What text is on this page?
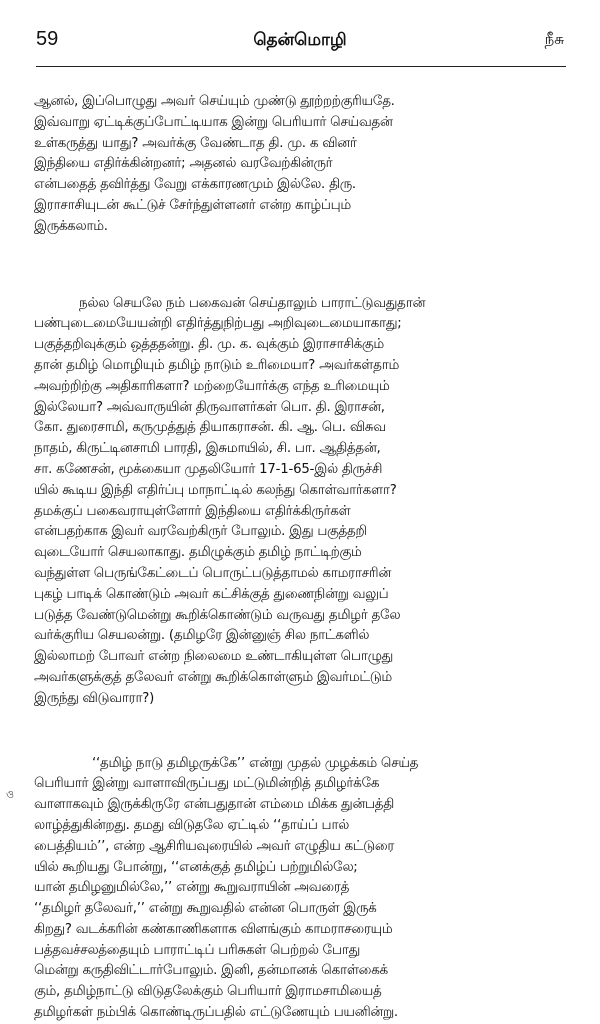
59	தென்மொழி	நீசு
ও
ஆனல், இப்பொழுது அவர் செய்யும் முண்டு தூற்றற்குரியதே.
இவ்வாறு ஏட்டிக்குப்போட்டியாக இன்று பெரியார் செய்வதன்
உள்கருத்து யாது? அவர்க்கு வேண்டாத தி. மு. க வினர்
இந்தியை எதிர்க்கின்றனர்; அதனல் வரவேற்கின்ருர்
என்பதைத் தவிர்த்து வேறு எக்காரணமும் இல்லே. திரு.
இராசாசியுடன் கூட்டுச் சேர்ந்துள்ளனர் என்ற காழ்ப்பும்
இருக்கலாம்.
நல்ல செயலே நம் பகைவன் செய்தாலும் பாராட்டுவதுதான்
பண்புடைமையேயன்றி எதிர்த்துநிற்பது அறிவுடைமையாகாது;
பகுத்தறிவுக்கும் ஒத்ததன்று. தி. மு. க. வுக்கும் இராசாசிக்கும்
தான் தமிழ் மொழியும் தமிழ் நாடும் உரிமையா? அவர்கள்தாம்
அவற்றிற்கு அதிகாரிகளா? மற்றையோர்க்கு எந்த உரிமையும்
இல்லேயா? அவ்வாருயின் திருவாளர்கள் பொ. தி. இராசன்,
கோ. துரைசாமி, கருமுத்துத் தியாகராசன். கி. ஆ. பெ. விசுவ
நாதம், கிருட்டினசாமி பாரதி, இசுமாயில், சி. பா. ஆதித்தன்,
சா. கணேசன், மூக்கையா முதலியோர் 17-1-65-இல் திருச்சி
யில் கூடிய இந்தி எதிர்ப்பு மாநாட்டில் கலந்து கொள்வார்களா?
தமக்குப் பகைவராயுள்ளோர் இந்தியை எதிர்க்கிருர்கள்
என்பதற்காக இவர் வரவேற்கிருர் போலும். இது பகுத்தறி
வுடையோர் செயலாகாது. தமிழுக்கும் தமிழ் நாட்டிற்கும்
வந்துள்ள பெருங்கேட்டைப் பொருட்படுத்தாமல் காமராசரின்
புகழ் பாடிக் கொண்டும் அவர் கட்சிக்குத் துணைநின்று வலுப்
படுத்த வேண்டுமென்று கூறிக்கொண்டும் வருவது தமிழர் தலே
வர்க்குரிய செயலன்று. (தமிழரே இன்னுஞ் சில நாட்களில்
இல்லாமற் போவர் என்ற நிலைமை உண்டாகியுள்ள பொழுது
அவர்களுக்குத் தலேவர் என்று கூறிக்கொள்ளும் இவர்மட்டும்
இருந்து விடுவாரா?)
‘‘தமிழ் நாடு தமிழருக்கே’’ என்று முதல் முழக்கம் செய்த
பெரியார் இன்று வாளாவிருப்பது மட்டுமின்றித் தமிழர்க்கே
வாளாகவும் இருக்கிருரே என்பதுதான் எம்மை மிக்க துன்பத்தி
லாழ்த்துகின்றது. தமது விடுதலே ஏட்டில் ‘‘தாய்ப் பால்
பைத்தியம்’’, என்ற ஆசிரியவுரையில் அவர் எழுதிய கட்டுரை
யில் கூறியது போன்று, ‘‘எனக்குத் தமிழ்ப் பற்றுமில்லே;
யான் தமிழனுமில்லே,’’ என்று கூறுவராயின் அவரைத்
‘‘தமிழர் தலேவர்,’’ என்று கூறுவதில் என்ன பொருள் இருக்
கிறது? வடக்கரின் கண்காணிகளாக விளங்கும் காமராசரையும்
பத்தவச்சலத்தையும் பாராட்டிப் பரிசுகள் பெற்றல் போது
மென்று கருதிவிட்டார்போலும். இனி, தன்மானக் கொள்கைக்
கும், தமிழ்நாட்டு விடுதலேக்கும் பெரியார் இராமசாமியைத்
தமிழர்கள் நம்பிக் கொண்டிருப்பதில் எட்டுணேயும் பயனின்று.
